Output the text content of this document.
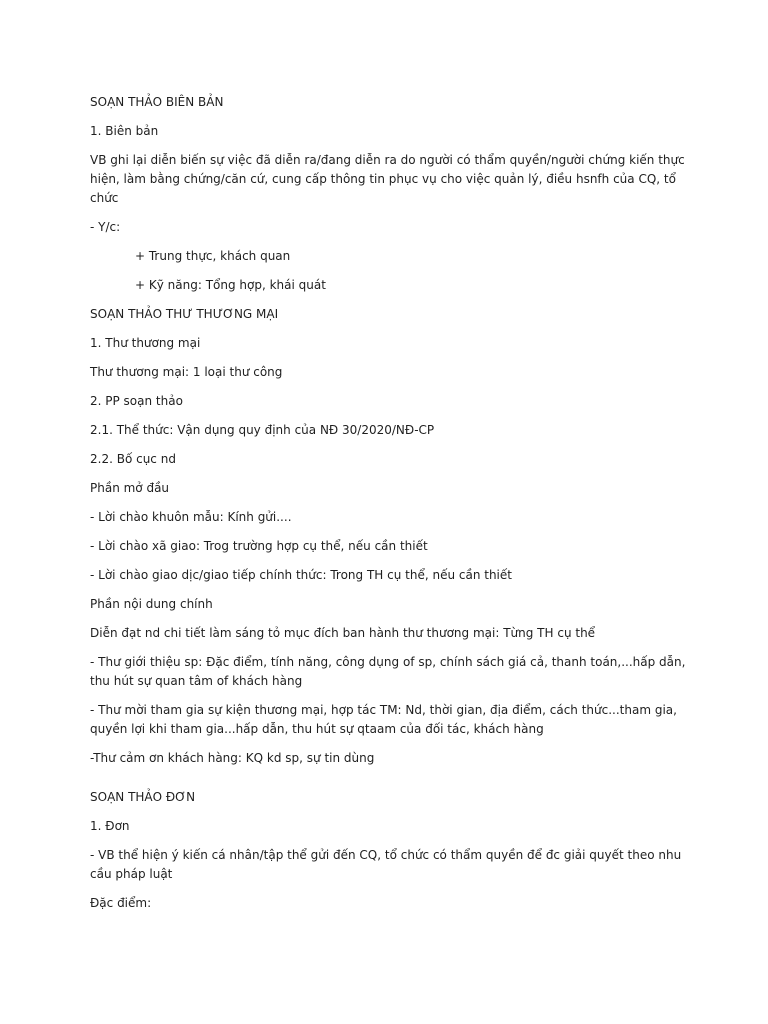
SOẠN THẢO BIÊN BẢN

1. Biên bản

VB ghi lại diễn biến sự việc đã diễn ra/đang diễn ra do người có thẩm quyền/người chứng kiến thực hiện, làm bằng chứng/căn cứ, cung cấp thông tin phục vụ cho việc quản lý, điều hsnfh của CQ, tổ chức

- Y/c:

+ Trung thực, khách quan

+ Kỹ năng: Tổng hợp, khái quát

SOẠN THẢO THƯ THƯƠNG MẠI

1. Thư thương mại

Thư thương mại: 1 loại thư công

2. PP soạn thảo

2.1. Thể thức: Vận dụng quy định của NĐ 30/2020/NĐ-CP

2.2. Bố cục nd

Phần mở đầu

- Lời chào khuôn mẫu: Kính gửi....

- Lời chào xã giao: Trog trường hợp cụ thể, nếu cần thiết

- Lời chào giao dịc/giao tiếp chính thức: Trong TH cụ thể, nếu cần thiết

Phần nội dung chính

Diễn đạt nd chi tiết làm sáng tỏ mục đích ban hành thư thương mại: Từng TH cụ thể

- Thư giới thiệu sp: Đặc điểm, tính năng, công dụng of sp, chính sách giá cả, thanh toán,...hấp dẫn, thu hút sự quan tâm of khách hàng

- Thư mời tham gia sự kiện thương mại, hợp tác TM: Nd, thời gian, địa điểm, cách thức...tham gia, quyền lợi khi tham gia...hấp dẫn, thu hút sự qtaam của đối tác, khách hàng

-Thư cảm ơn khách hàng: KQ kd sp, sự tin dùng

SOẠN THẢO ĐƠN

1. Đơn

- VB thể hiện ý kiến cá nhân/tập thể gửi đến CQ, tổ chức có thẩm quyền để đc giải quyết theo nhu cầu pháp luật

Đặc điểm:
